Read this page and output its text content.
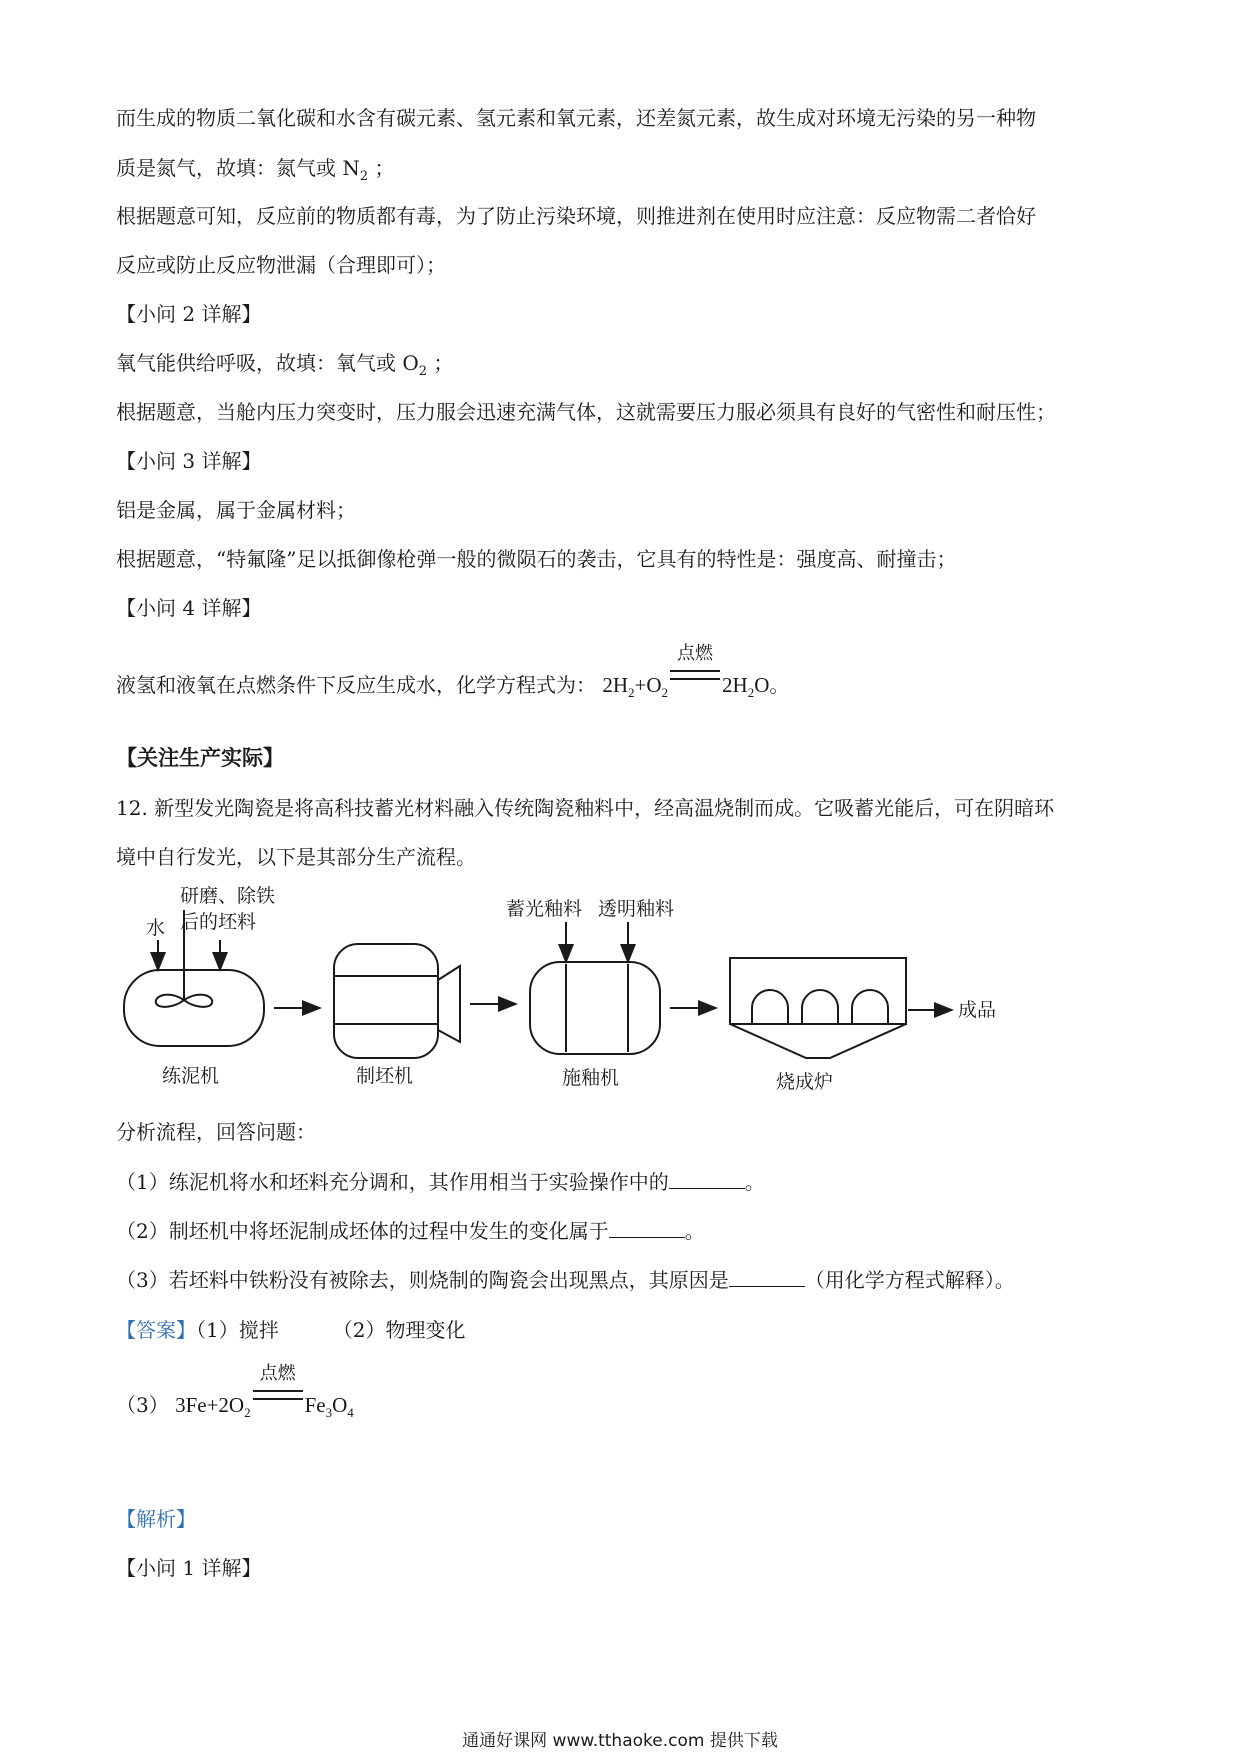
而生成的物质二氧化碳和水含有碳元素、氢元素和氧元素，还差氮元素，故生成对环境无污染的另一种物
质是氮气，故填：氮气或 $N_2$ ；
根据题意可知，反应前的物质都有毒，为了防止污染环境，则推进剂在使用时应注意：反应物需二者恰好
反应或防止反应物泄漏（合理即可）；
【小问 2 详解】
氧气能供给呼吸，故填：氧气或 $O_2$ ；
根据题意，当舱内压力突变时，压力服会迅速充满气体，这就需要压力服必须具有良好的气密性和耐压性；
【小问 3 详解】
铝是金属，属于金属材料；
根据题意，“特氟隆”足以抵御像枪弹一般的微陨石的袭击，它具有的特性是：强度高、耐撞击；
【小问 4 详解】
液氢和液氧在点燃条件下反应生成水，化学方程式为： $2H_2+O_2$
点燃
$2H_2O$。
【关注生产实际】
12. 新型发光陶瓷是将高科技蓄光材料融入传统陶瓷釉料中，经高温烧制而成。它吸蓄光能后，可在阴暗环
境中自行发光，以下是其部分生产流程。
水
研磨、除铁
后的坯料
蓄光釉料 透明釉料
练泥机	制坯机	施釉机	烧成炉
成品
分析流程，回答问题：
（1）练泥机将水和坯料充分调和，其作用相当于实验操作中的	。
（2）制坯机中将坯泥制成坯体的过程中发生的变化属于	。
（3）若坯料中铁粉没有被除去，则烧制的陶瓷会出现黑点，其原因是	（用化学方程式解释）。
【答案】（1）搅拌	（2）物理变化
（3） $3Fe+2O_2$
点燃
$Fe_3O_4$
【解析】
【小问 1 详解】
通通好课网 www.tthaoke.com 提供下载
